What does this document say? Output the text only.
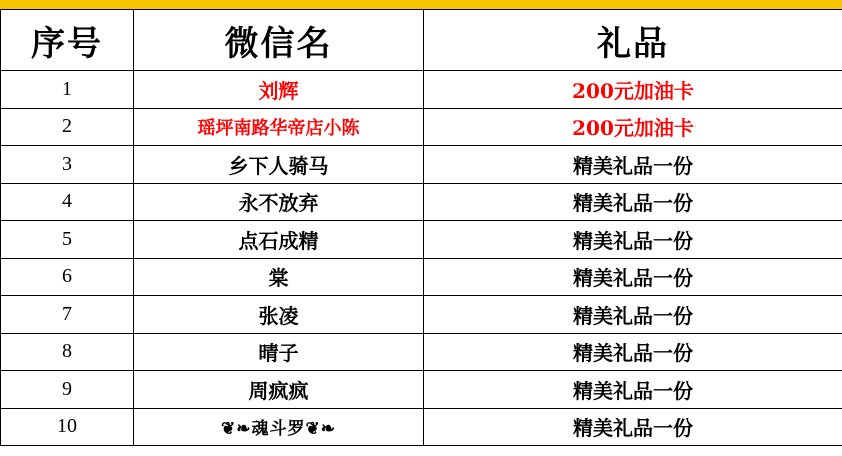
序号	微信名	礼品
1	刘辉	200元加油卡
2	瑶坪南路华帝店小陈	200元加油卡
3	乡下人骑马	精美礼品一份
4	永不放弃	精美礼品一份
5	点石成精	精美礼品一份
6	棠	精美礼品一份
7	张凌	精美礼品一份
8	晴子	精美礼品一份
9	周疯疯	精美礼品一份
10	❦❧魂斗罗❦❧	精美礼品一份
